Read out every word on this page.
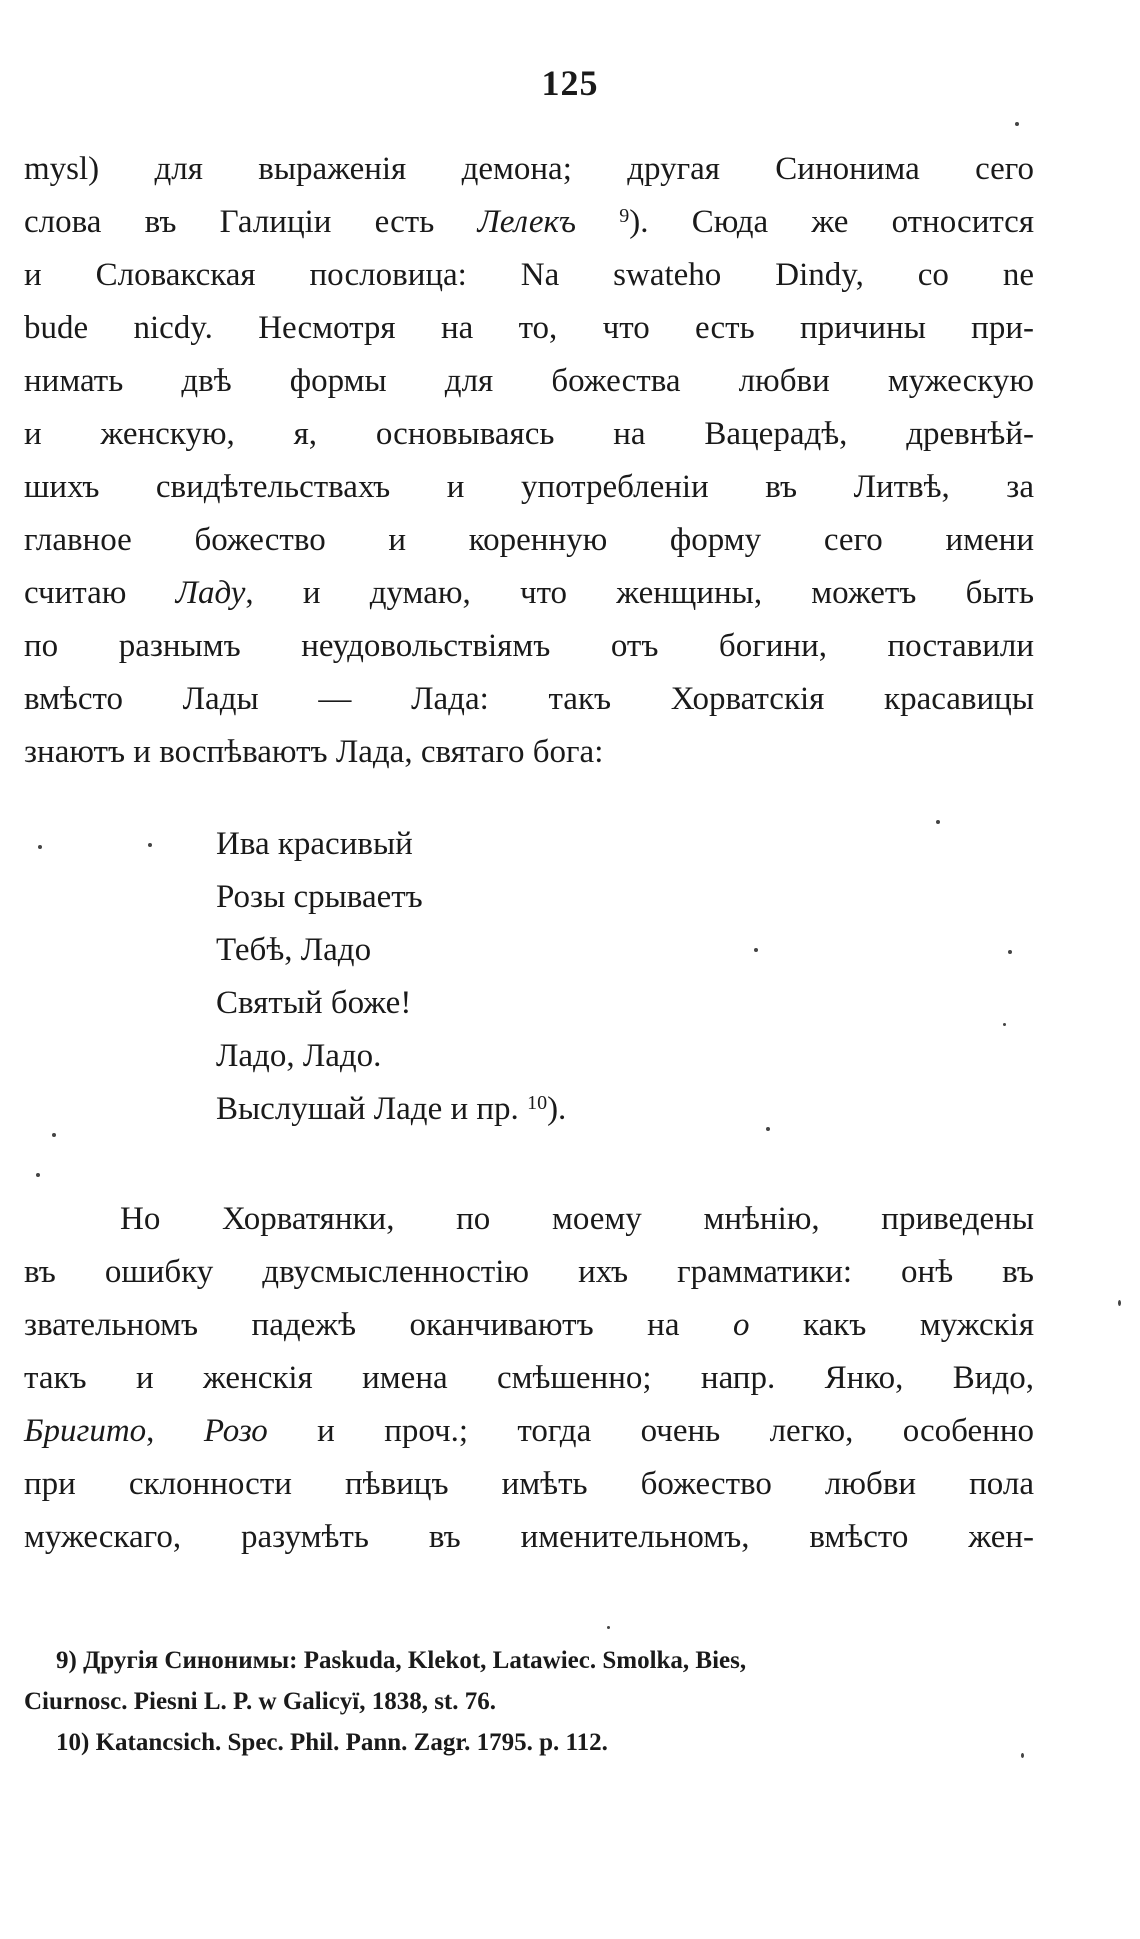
125
mysl) для выраженія демона; другая Синонима сего
слова въ Галиціи есть Лелекъ $^9$). Сюда же относится
и Словакская пословица: Na swateho Dindy, со ne
bude nicdy. Несмотря на то, что есть причины при-
нимать двѣ формы для божества любви мужескую
и женскую, я, основываясь на Вацерадѣ, древнѣй-
шихъ свидѣтельствахъ и употребленіи въ Литвѣ, за
главное божество и коренную форму сего имени
считаю Ладу, и думаю, что женщины, можетъ быть
по разнымъ неудовольствіямъ отъ богини, поставили
вмѣсто Лады — Лада: такъ Хорватскія красавицы
знаютъ и воспѣваютъ Лада, святаго бога:
Ива красивый
Розы срываетъ
Тебѣ, Ладо
Святый боже!
Ладо, Ладо.
Выслушай Ладе и пр. $^{10}$).
Но Хорватянки, по моему мнѣнію, приведены
въ ошибку двусмысленностію ихъ грамматики: онѣ въ
звательномъ падежѣ оканчиваютъ на о какъ мужскія
такъ и женскія имена смѣшенно; напр. Янко, Видо,
Бригито, Розо и проч.; тогда очень легко, особенно
при склонности пѣвицъ имѣть божество любви пола
мужескаго, разумѣть въ именительномъ, вмѣсто жен-
9) Другія Синонимы: Paskuda, Klekot, Latawiec. Smolka, Bies,
Ciurnosc. Piesni L. P. w Galicyï, 1838, st. 76.
10) Katancsich. Spec. Phil. Pann. Zagr. 1795. p. 112.
